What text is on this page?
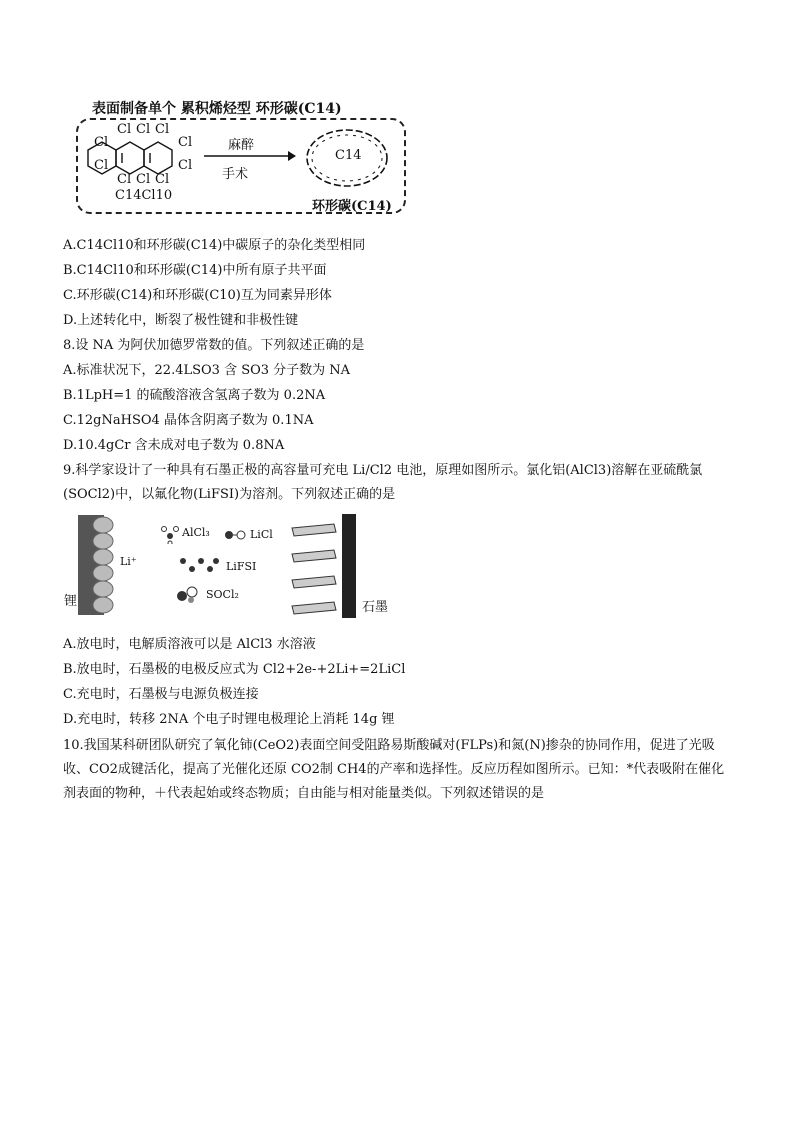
表面制备单个 累积烯烃型 环形碳(C14)
Cl Cl Cl
Cl	Cl
Cl	Cl
Cl Cl Cl
C14Cl10
麻醉
手术
C14
环形碳(C14)
A.C14Cl10和环形碳(C14)中碳原子的杂化类型相同
B.C14Cl10和环形碳(C14)中所有原子共平面
C.环形碳(C14)和环形碳(C10)互为同素异形体
D.上述转化中，断裂了极性键和非极性键
8.设 NA 为阿伏加德罗常数的值。下列叙述正确的是
A.标准状况下，22.4LSO3 含 SO3 分子数为 NA
B.1LpH=1 的硫酸溶液含氢离子数为 0.2NA
C.12gNaHSO4 晶体含阴离子数为 0.1NA
D.10.4gCr 含未成对电子数为 0.8NA
9.科学家设计了一种具有石墨正极的高容量可充电 Li/Cl2 电池，原理如图所示。氯化铝(AlCl3)溶解在亚硫酰氯(SOCl2)中，以氟化物(LiFSI)为溶剂。下列叙述正确的是
锂
Li⁺
AlCl₃	LiCl
LiFSI
SOCl₂
石墨
A.放电时，电解质溶液可以是 AlCl3 水溶液
B.放电时，石墨极的电极反应式为 Cl2+2e-+2Li+=2LiCl
C.充电时，石墨极与电源负极连接
D.充电时，转移 2NA 个电子时锂电极理论上消耗 14g 锂
10.我国某科研团队研究了氧化铈(CeO2)表面空间受阻路易斯酸碱对(FLPs)和氮(N)掺杂的协同作用，促进了光吸收、CO2成键活化，提高了光催化还原 CO2制 CH4的产率和选择性。反应历程如图所示。已知：*代表吸附在催化剂表面的物种，＋代表起始或终态物质；自由能与相对能量类似。下列叙述错误的是
